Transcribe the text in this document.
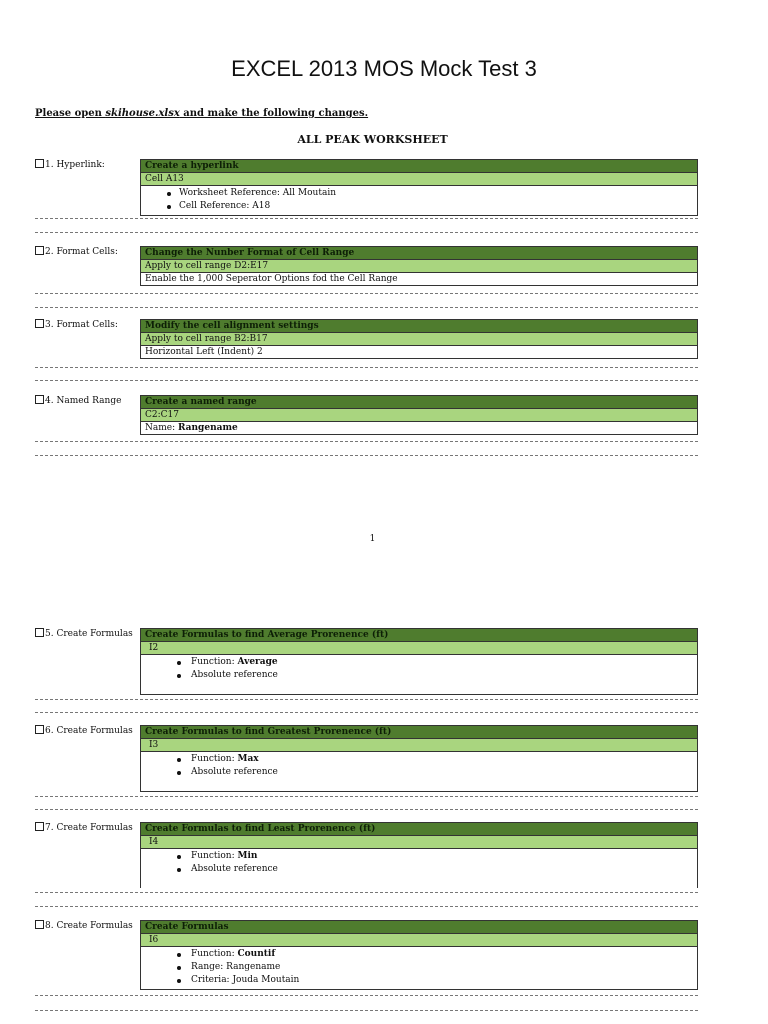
EXCEL 2013 MOS Mock Test 3
Please open skihouse.xlsx and make the following changes.
ALL PEAK WORKSHEET
1. Hyperlink:	Create a hyperlink
Cell A13
Worksheet Reference: All Moutain
Cell Reference: A18
2. Format Cells:	Change the Nunber Format of Cell Range
Apply to cell range D2:E17
Enable the 1,000 Seperator Options fod the Cell Range
3. Format Cells:	Modify the cell alignment settings
Apply to cell range B2:B17
Horizontal Left (Indent) 2
4. Named Range	Create a named range
C2:C17
Name: Rangename
1
5. Create Formulas	Create Formulas to find Average Prorenence (ft)
I2
Function: Average
Absolute reference
6. Create Formulas	Create Formulas to find Greatest Prorenence (ft)
I3
Function: Max
Absolute reference
7. Create Formulas	Create Formulas to find Least Prorenence (ft)
I4
Function: Min
Absolute reference
8. Create Formulas	Create Formulas
I6
Function: Countif
Range: Rangename
Criteria: Jouda Moutain
